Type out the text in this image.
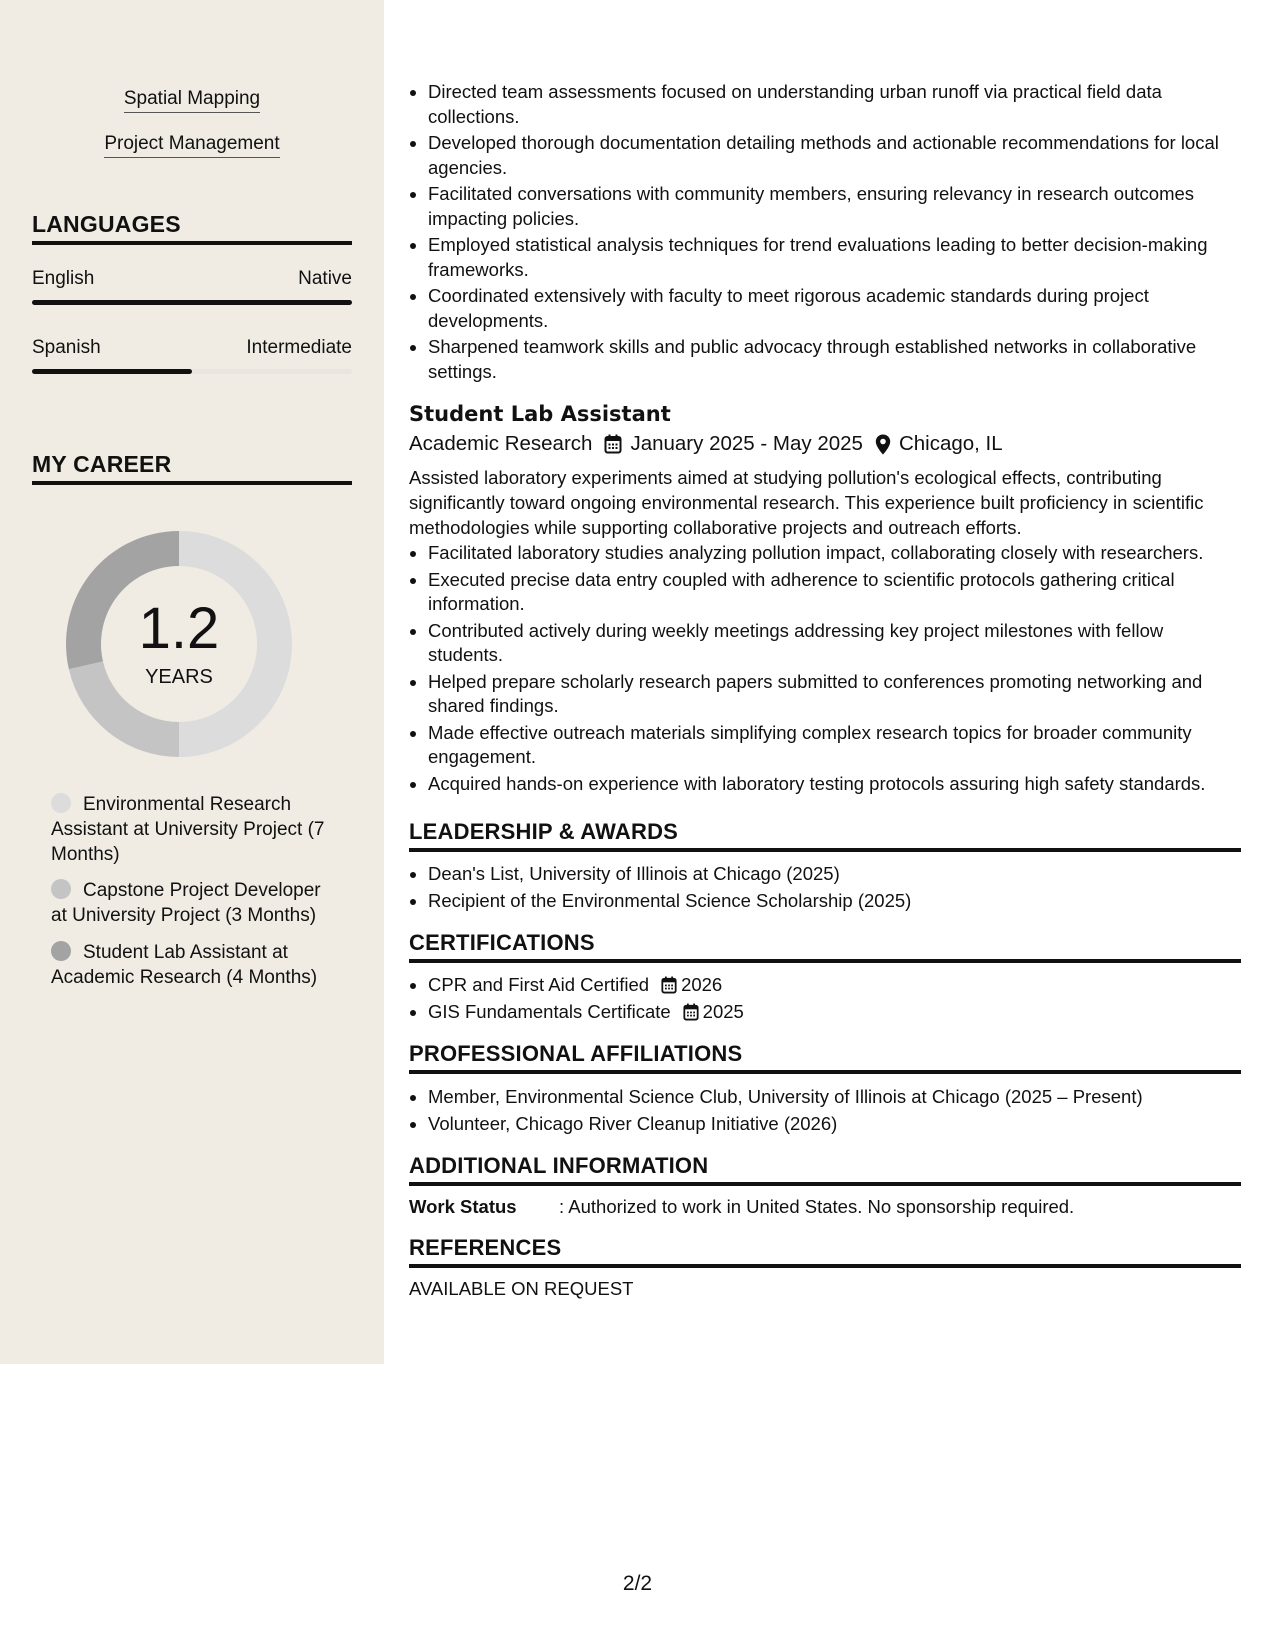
Spatial Mapping
Project Management
LANGUAGES
English	Native
Spanish	Intermediate
MY CAREER
1.2
YEARS
Environmental Research Assistant at University Project (7 Months)
Capstone Project Developer at University Project (3 Months)
Student Lab Assistant at Academic Research (4 Months)
• Directed team assessments focused on understanding urban runoff via practical field data collections.
• Developed thorough documentation detailing methods and actionable recommendations for local agencies.
• Facilitated conversations with community members, ensuring relevancy in research outcomes impacting policies.
• Employed statistical analysis techniques for trend evaluations leading to better decision-making frameworks.
• Coordinated extensively with faculty to meet rigorous academic standards during project developments.
• Sharpened teamwork skills and public advocacy through established networks in collaborative settings.
Student Lab Assistant
Academic Research January 2025 - May 2025 Chicago, IL
Assisted laboratory experiments aimed at studying pollution's ecological effects, contributing significantly toward ongoing environmental research. This experience built proficiency in scientific methodologies while supporting collaborative projects and outreach efforts.
• Facilitated laboratory studies analyzing pollution impact, collaborating closely with researchers.
• Executed precise data entry coupled with adherence to scientific protocols gathering critical information.
• Contributed actively during weekly meetings addressing key project milestones with fellow students.
• Helped prepare scholarly research papers submitted to conferences promoting networking and shared findings.
• Made effective outreach materials simplifying complex research topics for broader community engagement.
• Acquired hands-on experience with laboratory testing protocols assuring high safety standards.
LEADERSHIP & AWARDS
• Dean's List, University of Illinois at Chicago (2025)
• Recipient of the Environmental Science Scholarship (2025)
CERTIFICATIONS
• CPR and First Aid Certified 2026
• GIS Fundamentals Certificate 2025
PROFESSIONAL AFFILIATIONS
• Member, Environmental Science Club, University of Illinois at Chicago (2025 – Present)
• Volunteer, Chicago River Cleanup Initiative (2026)
ADDITIONAL INFORMATION
Work Status : Authorized to work in United States. No sponsorship required.
REFERENCES
AVAILABLE ON REQUEST
2/2
